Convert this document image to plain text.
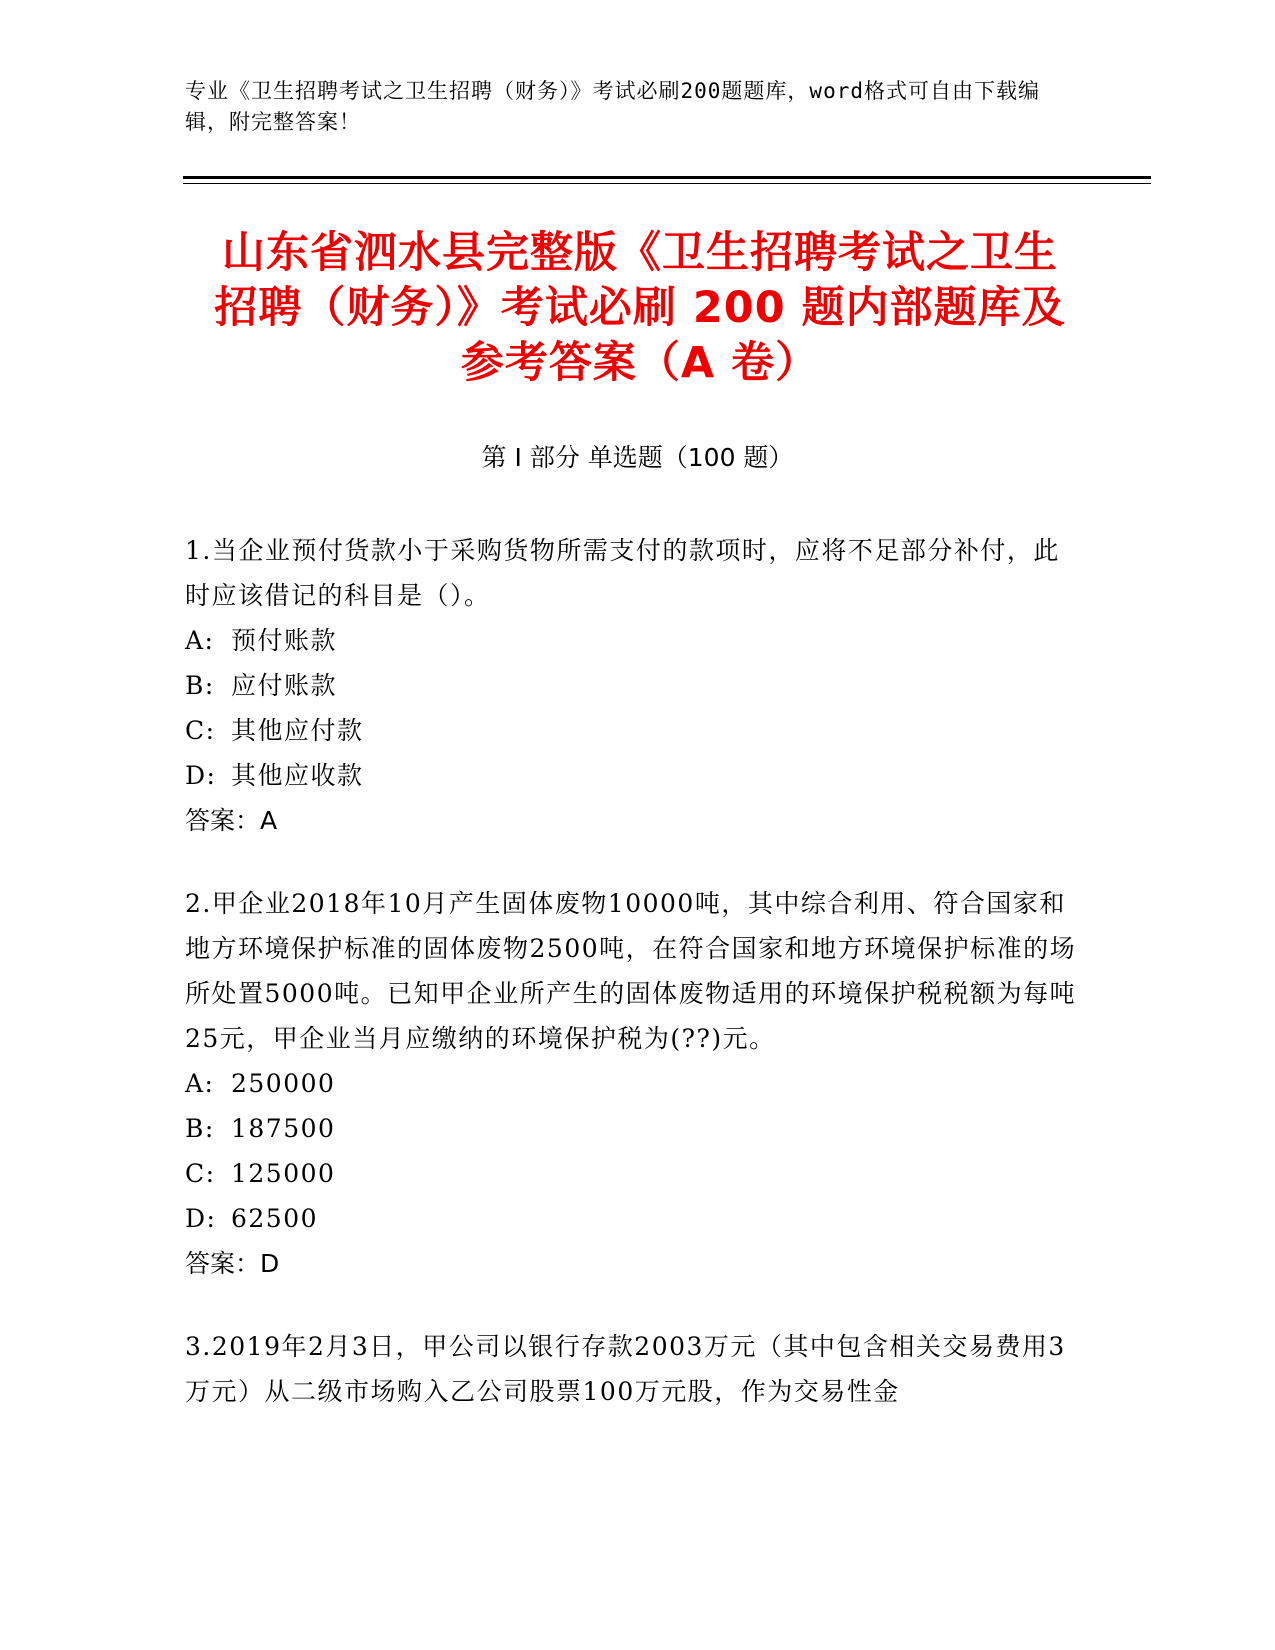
专业《卫生招聘考试之卫生招聘（财务）》考试必刷200题题库，word格式可自由下载编辑，附完整答案！
山东省泗水县完整版《卫生招聘考试之卫生
招聘（财务）》考试必刷 200 题内部题库及
参考答案（A 卷）
第 I 部分 单选题（100 题）

1.当企业预付货款小于采购货物所需支付的款项时，应将不足部分补付，此时应该借记的科目是（）。

A: 预付账款

B: 应付账款

C: 其他应付款

D: 其他应收款

答案：A

2.甲企业2018年10月产生固体废物10000吨，其中综合利用、符合国家和地方环境保护标准的固体废物2500吨，在符合国家和地方环境保护标准的场所处置5000吨。已知甲企业所产生的固体废物适用的环境保护税税额为每吨25元，甲企业当月应缴纳的环境保护税为(??)元。

A: 250000

B: 187500

C: 125000

D: 62500

答案：D

3.2019年2月3日，甲公司以银行存款2003万元（其中包含相关交易费用3万元）从二级市场购入乙公司股票100万元股，作为交易性金
